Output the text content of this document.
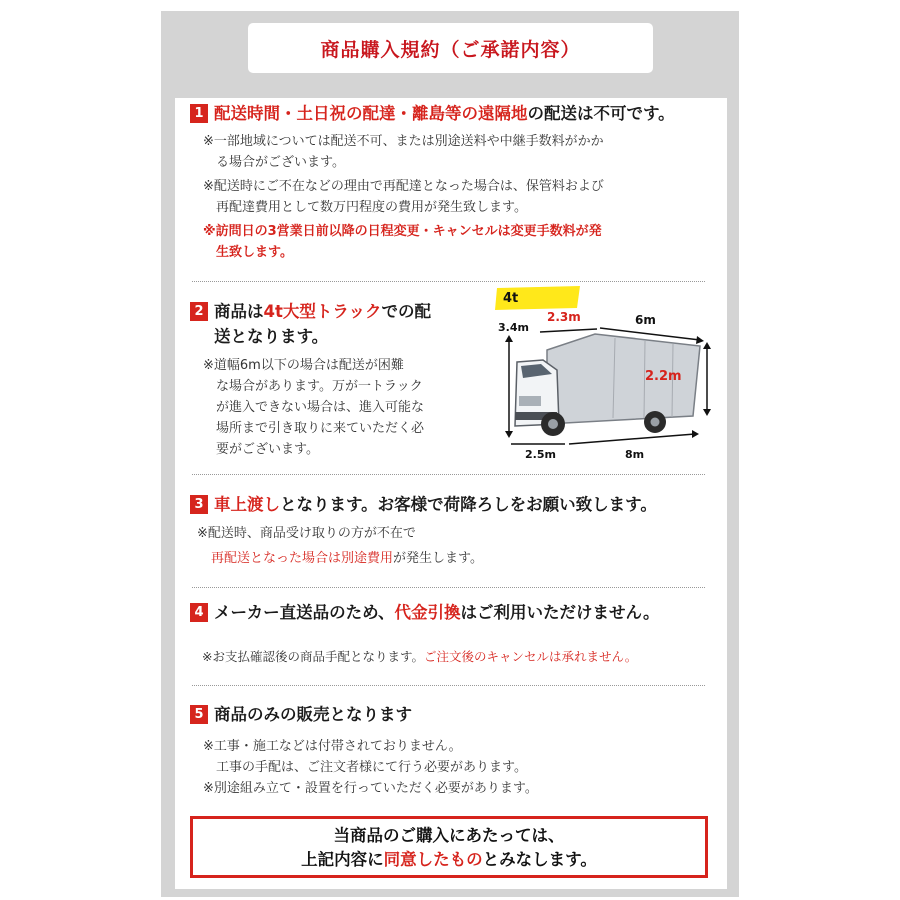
商品購入規約（ご承諾内容）
1 配送時間・土日祝の配達・離島等の遠隔地の配送は不可です。
※一部地域については配送不可、または別途送料や中継手数料がかか
る場合がございます。
※配送時にご不在などの理由で再配達となった場合は、保管料および
再配達費用として数万円程度の費用が発生致します。
※訪問日の3営業日前以降の日程変更・キャンセルは変更手数料が発
生致します。
2 商品は4t大型トラックでの配
送となります。
※道幅6m以下の場合は配送が困難
な場合があります。万が一トラック
が進入できない場合は、進入可能な
場所まで引き取りに来ていただく必
要がございます。
4t
3.4m
2.3m	6m
2.2m
2.5m	8m
3 車上渡しとなります。お客様で荷降ろしをお願い致します。
※配送時、商品受け取りの方が不在で
再配送となった場合は別途費用が発生します。
4 メーカー直送品のため、代金引換はご利用いただけません。
※お支払確認後の商品手配となります。ご注文後のキャンセルは承れません。
5 商品のみの販売となります
※工事・施工などは付帯されておりません。
工事の手配は、ご注文者様にて行う必要があります。
※別途組み立て・設置を行っていただく必要があります。
当商品のご購入にあたっては、
上記内容に同意したものとみなします。
